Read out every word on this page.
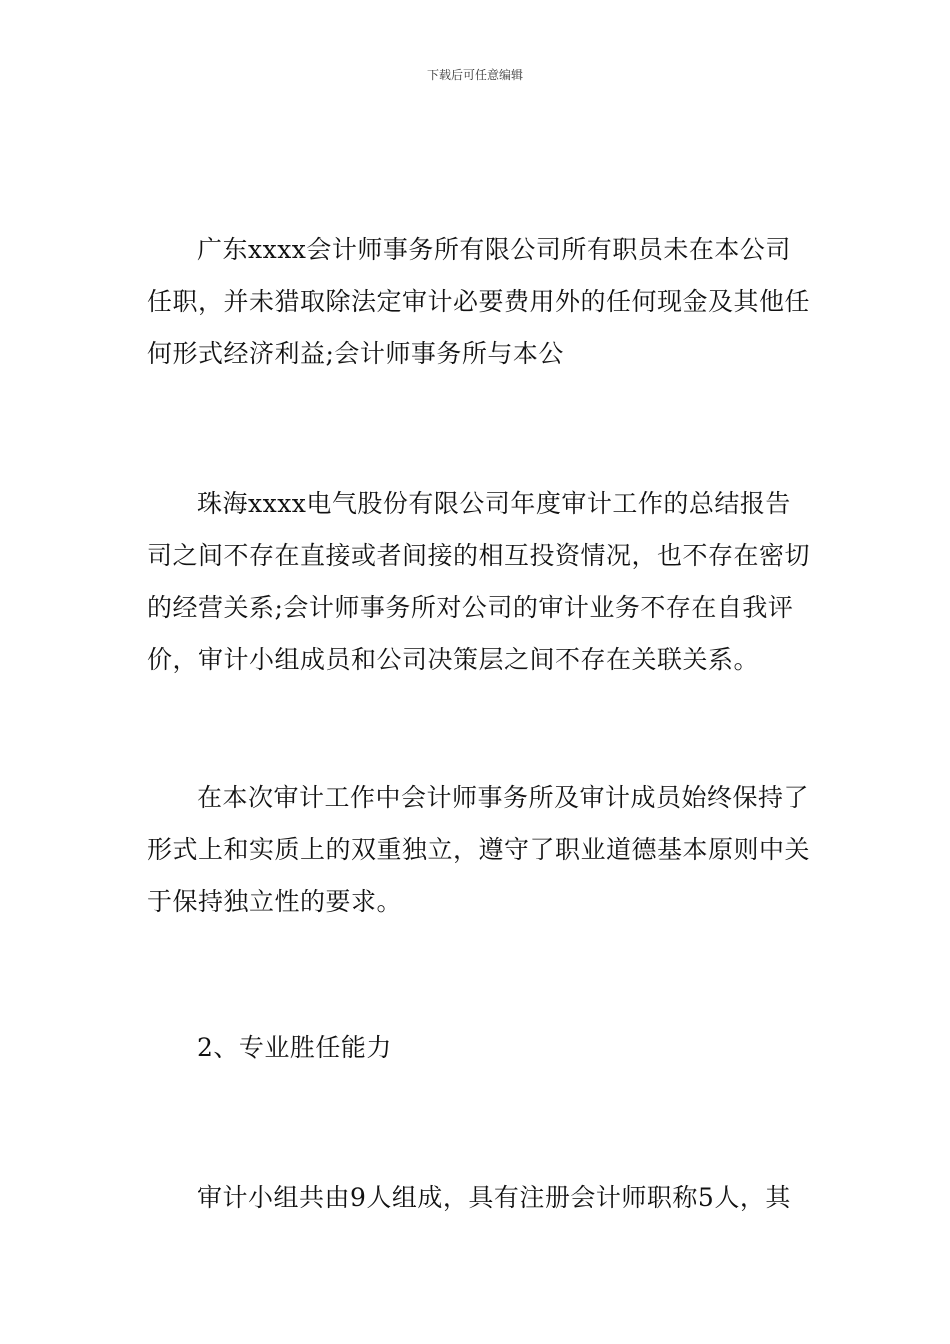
下载后可任意编辑

广东xxxx会计师事务所有限公司所有职员未在本公司任职，并未猎取除法定审计必要费用外的任何现金及其他任何形式经济利益;会计师事务所与本公

珠海xxxx电气股份有限公司年度审计工作的总结报告司之间不存在直接或者间接的相互投资情况，也不存在密切的经营关系;会计师事务所对公司的审计业务不存在自我评价，审计小组成员和公司决策层之间不存在关联关系。

在本次审计工作中会计师事务所及审计成员始终保持了形式上和实质上的双重独立，遵守了职业道德基本原则中关于保持独立性的要求。

2、专业胜任能力

审计小组共由9人组成，具有注册会计师职称5人，其
